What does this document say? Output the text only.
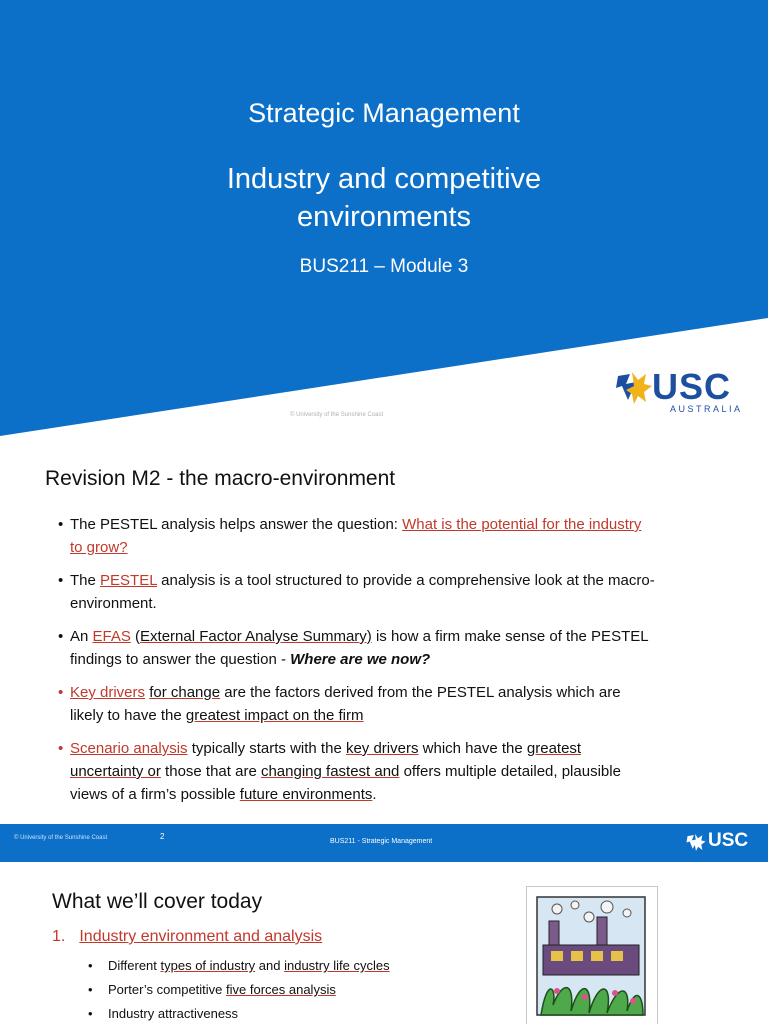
Strategic Management
Industry and competitive
environments
BUS211 – Module 3
© University of the Sunshine Coast
USC
AUSTRALIA
Revision M2 - the macro-environment
• The PESTEL analysis helps answer the question: What is the potential for the industry to grow?
• The PESTEL analysis is a tool structured to provide a comprehensive look at the macro-environment.
• An EFAS (External Factor Analyse Summary) is how a firm make sense of the PESTEL findings to answer the question - Where are we now?
• Key drivers for change are the factors derived from the PESTEL analysis which are likely to have the greatest impact on the firm
• Scenario analysis typically starts with the key drivers which have the greatest uncertainty or those that are changing fastest and offers multiple detailed, plausible views of a firm’s possible future environments.
© University of the Sunshine Coast	2
BUS211 - Strategic Management	USC
What we’ll cover today
1. Industry environment and analysis
• Different types of industry and industry life cycles
• Porter’s competitive five forces analysis
• Industry attractiveness
